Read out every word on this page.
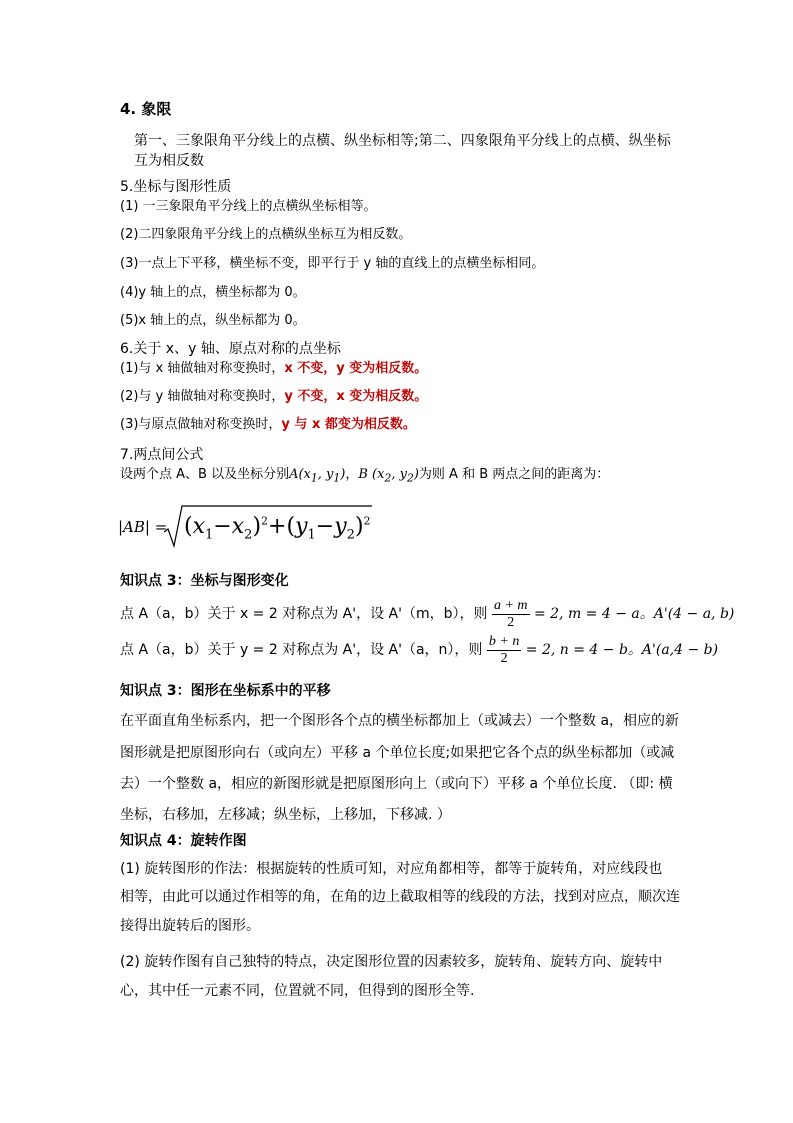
4. 象限
第一、三象限角平分线上的点横、纵坐标相等;第二、四象限角平分线上的点横、纵坐标
互为相反数
5.坐标与图形性质
(1) 一三象限角平分线上的点横纵坐标相等。
(2)二四象限角平分线上的点横纵坐标互为相反数。
(3)一点上下平移，横坐标不变，即平行于 y 轴的直线上的点横坐标相同。
(4)y 轴上的点，横坐标都为 0。
(5)x 轴上的点，纵坐标都为 0。
6.关于 x、y 轴、原点对称的点坐标
(1)与 x 轴做轴对称变换时，x 不变，y 变为相反数。
(2)与 y 轴做轴对称变换时，y 不变，x 变为相反数。
(3)与原点做轴对称变换时，y 与 x 都变为相反数。
7.两点间公式
设两个点 A、B 以及坐标分别$A(x_1$, $y_1$)，B ($x_2$, $y_2$)为则 A 和 B 两点之间的距离为：
$|AB| = (x_1-x_2)^2+(y_1-y_2)^2$
知识点 3：坐标与图形变化
点 A（a，b）关于 x = 2 对称点为 A'，设 A'（m，b），则 $\frac{a + m}{2} = 2$, m = 4 − a。A'(4 − a, b)
点 A（a，b）关于 y = 2 对称点为 A'，设 A'（a，n），则 $\frac{b + n}{2} = 2$, n = 4 − b。A'(a,4 − b)
知识点 3：图形在坐标系中的平移
在平面直角坐标系内，把一个图形各个点的横坐标都加上（或减去）一个整数 a，相应的新
图形就是把原图形向右（或向左）平移 a 个单位长度;如果把它各个点的纵坐标都加（或减
去）一个整数 a，相应的新图形就是把原图形向上（或向下）平移 a 个单位长度. （即: 横
坐标，右移加，左移减；纵坐标，上移加，下移减. ）
知识点 4：旋转作图
(1) 旋转图形的作法：根据旋转的性质可知，对应角都相等，都等于旋转角，对应线段也
相等，由此可以通过作相等的角，在角的边上截取相等的线段的方法，找到对应点，顺次连
接得出旋转后的图形。
(2) 旋转作图有自己独特的特点，决定图形位置的因素较多，旋转角、旋转方向、旋转中
心，其中任一元素不同，位置就不同，但得到的图形全等.
